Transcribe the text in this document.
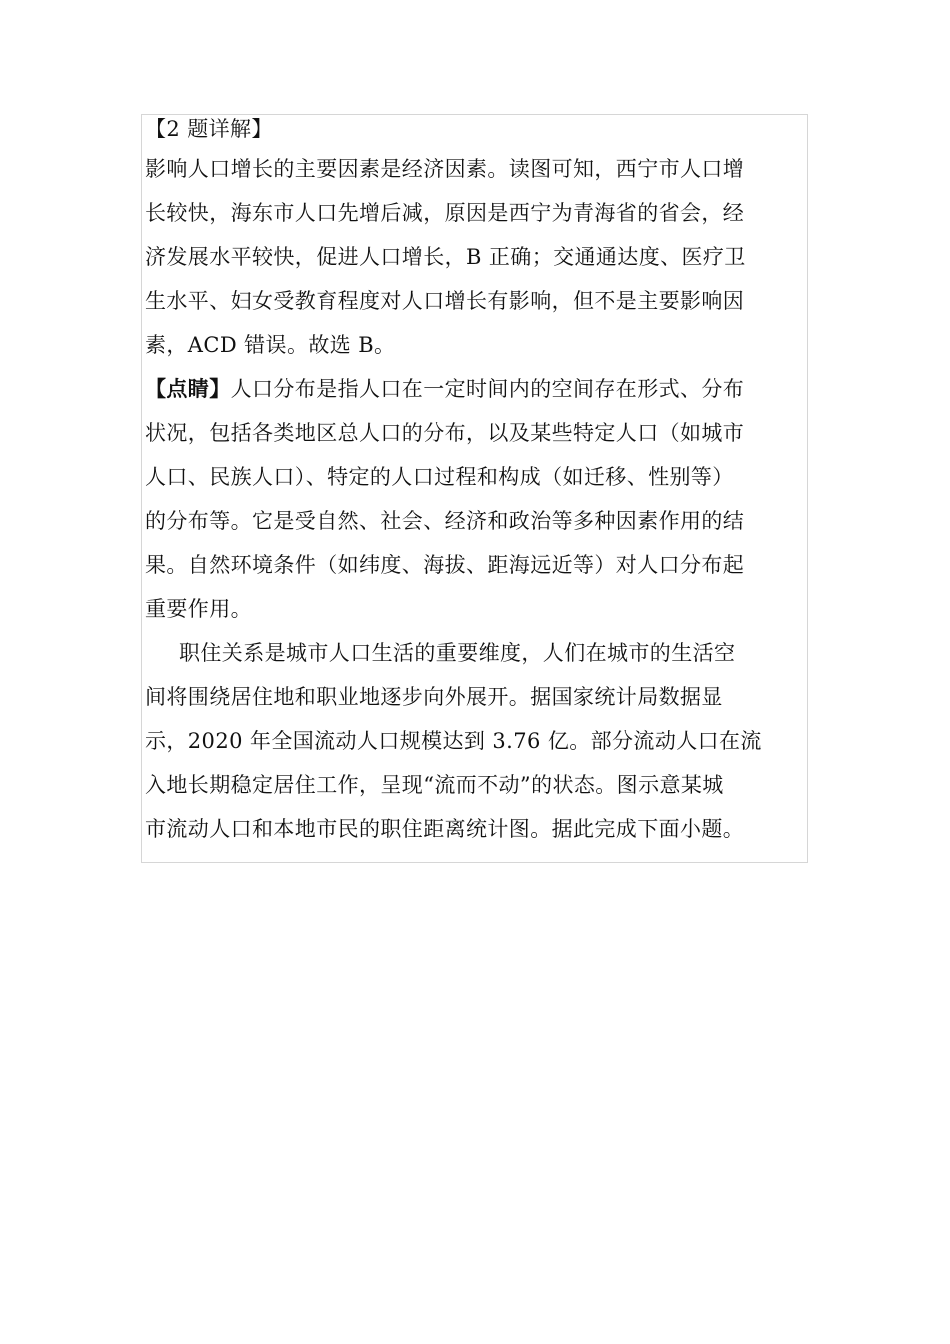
【2 题详解】
影响人口增长的主要因素是经济因素。读图可知，西宁市人口增
长较快，海东市人口先增后减，原因是西宁为青海省的省会，经
济发展水平较快，促进人口增长，B 正确；交通通达度、医疗卫
生水平、妇女受教育程度对人口增长有影响，但不是主要影响因
素，ACD 错误。故选 B。
【点睛】人口分布是指人口在一定时间内的空间存在形式、分布
状况，包括各类地区总人口的分布，以及某些特定人口（如城市
人口、民族人口）、特定的人口过程和构成（如迁移、性别等）
的分布等。它是受自然、社会、经济和政治等多种因素作用的结
果。自然环境条件（如纬度、海拔、距海远近等）对人口分布起
重要作用。
职住关系是城市人口生活的重要维度，人们在城市的生活空
间将围绕居住地和职业地逐步向外展开。据国家统计局数据显
示，2020 年全国流动人口规模达到 3.76 亿。部分流动人口在流
入地长期稳定居住工作，呈现“流而不动”的状态。图示意某城
市流动人口和本地市民的职住距离统计图。据此完成下面小题。
